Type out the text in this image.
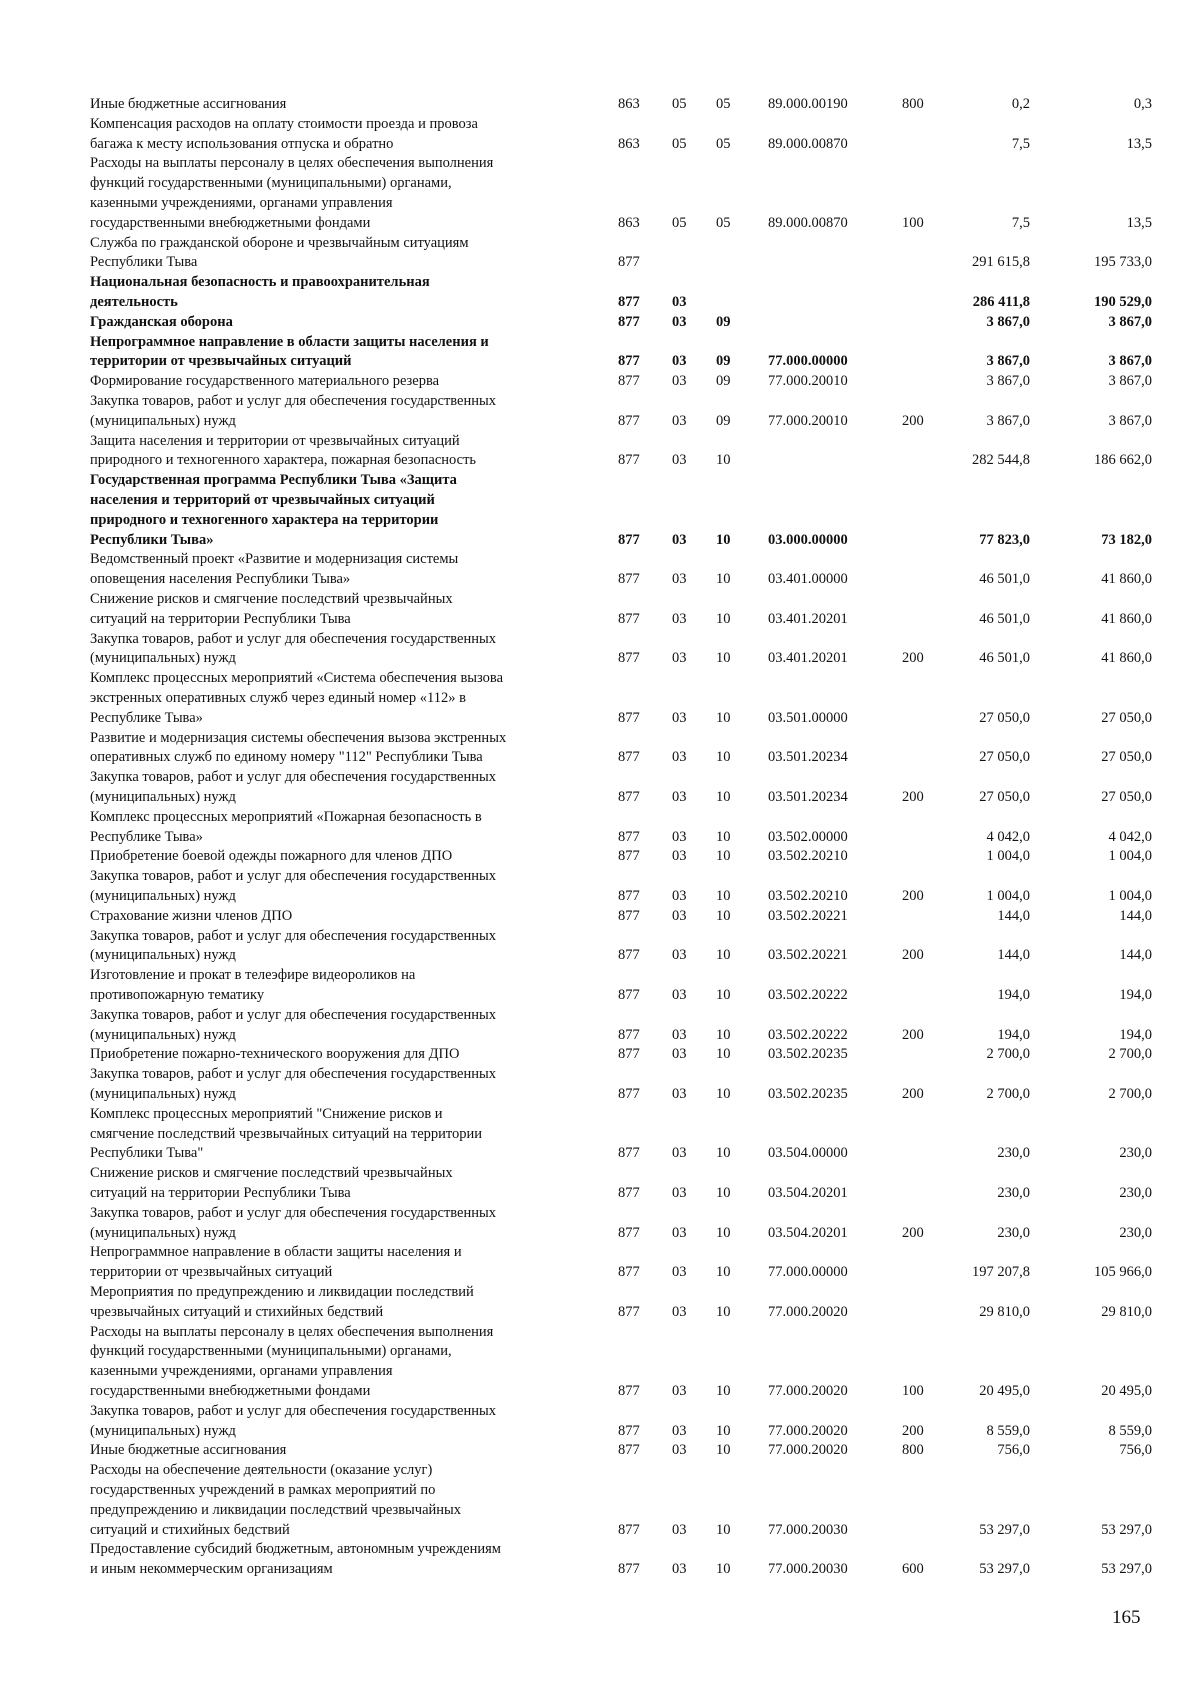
Иные бюджетные ассигнования	863 05 05	89.000.00190	800	0,2	0,3
Компенсация расходов на оплату стоимости проезда и провоза
багажа к месту использования отпуска и обратно	863 05 05	89.000.00870	7,5	13,5
Расходы на выплаты персоналу в целях обеспечения выполнения
функций государственными (муниципальными) органами,
казенными учреждениями, органами управления
государственными внебюджетными фондами	863 05 05	89.000.00870	100	7,5	13,5
Служба по гражданской обороне и чрезвычайным ситуациям
Республики Тыва	877	291 615,8	195 733,0
Национальная безопасность и правоохранительная
деятельность	877 03	286 411,8	190 529,0
Гражданская оборона	877 03 09	3 867,0	3 867,0
Непрограммное направление в области защиты населения и
территории от чрезвычайных ситуаций	877 03 09	77.000.00000	3 867,0	3 867,0
Формирование государственного материального резерва	877 03 09	77.000.20010	3 867,0	3 867,0
Закупка товаров, работ и услуг для обеспечения государственных
(муниципальных) нужд	877 03 09	77.000.20010	200	3 867,0	3 867,0
Защита населения и территории от чрезвычайных ситуаций
природного и техногенного характера, пожарная безопасность	877 03 10	282 544,8	186 662,0
Государственная программа Республики Тыва «Защита
населения и территорий от чрезвычайных ситуаций
природного и техногенного характера на территории
Республики Тыва»	877 03 10	03.000.00000	77 823,0	73 182,0
Ведомственный проект «Развитие и модернизация системы
оповещения населения Республики Тыва»	877 03 10	03.401.00000	46 501,0	41 860,0
Снижение рисков и смягчение последствий чрезвычайных
ситуаций на территории Республики Тыва	877 03 10	03.401.20201	46 501,0	41 860,0
Закупка товаров, работ и услуг для обеспечения государственных
(муниципальных) нужд	877 03 10	03.401.20201	200	46 501,0	41 860,0
Комплекс процессных мероприятий «Система обеспечения вызова
экстренных оперативных служб через единый номер «112» в
Республике Тыва»	877 03 10	03.501.00000	27 050,0	27 050,0
Развитие и модернизация системы обеспечения вызова экстренных
оперативных служб по единому номеру "112" Республики Тыва	877 03 10	03.501.20234	27 050,0	27 050,0
Закупка товаров, работ и услуг для обеспечения государственных
(муниципальных) нужд	877 03 10	03.501.20234	200	27 050,0	27 050,0
Комплекс процессных мероприятий «Пожарная безопасность в
Республике Тыва»	877 03 10	03.502.00000	4 042,0	4 042,0
Приобретение боевой одежды пожарного для членов ДПО	877 03 10	03.502.20210	1 004,0	1 004,0
Закупка товаров, работ и услуг для обеспечения государственных
(муниципальных) нужд	877 03 10	03.502.20210	200	1 004,0	1 004,0
Страхование жизни членов ДПО	877 03 10	03.502.20221	144,0	144,0
Закупка товаров, работ и услуг для обеспечения государственных
(муниципальных) нужд	877 03 10	03.502.20221	200	144,0	144,0
Изготовление и прокат в телеэфире видеороликов на
противопожарную тематику	877 03 10	03.502.20222	194,0	194,0
Закупка товаров, работ и услуг для обеспечения государственных
(муниципальных) нужд	877 03 10	03.502.20222	200	194,0	194,0
Приобретение пожарно-технического вооружения для ДПО	877 03 10	03.502.20235	2 700,0	2 700,0
Закупка товаров, работ и услуг для обеспечения государственных
(муниципальных) нужд	877 03 10	03.502.20235	200	2 700,0	2 700,0
Комплекс процессных мероприятий "Снижение рисков и
смягчение последствий чрезвычайных ситуаций на территории
Республики Тыва"	877 03 10	03.504.00000	230,0	230,0
Снижение рисков и смягчение последствий чрезвычайных
ситуаций на территории Республики Тыва	877 03 10	03.504.20201	230,0	230,0
Закупка товаров, работ и услуг для обеспечения государственных
(муниципальных) нужд	877 03 10	03.504.20201	200	230,0	230,0
Непрограммное направление в области защиты населения и
территории от чрезвычайных ситуаций	877 03 10	77.000.00000	197 207,8	105 966,0
Мероприятия по предупреждению и ликвидации последствий
чрезвычайных ситуаций и стихийных бедствий	877 03 10	77.000.20020	29 810,0	29 810,0
Расходы на выплаты персоналу в целях обеспечения выполнения
функций государственными (муниципальными) органами,
казенными учреждениями, органами управления
государственными внебюджетными фондами	877 03 10	77.000.20020	100	20 495,0	20 495,0
Закупка товаров, работ и услуг для обеспечения государственных
(муниципальных) нужд	877 03 10	77.000.20020	200	8 559,0	8 559,0
Иные бюджетные ассигнования	877 03 10	77.000.20020	800	756,0	756,0
Расходы на обеспечение деятельности (оказание услуг)
государственных учреждений в рамках мероприятий по
предупреждению и ликвидации последствий чрезвычайных
ситуаций и стихийных бедствий	877 03 10	77.000.20030	53 297,0	53 297,0
Предоставление субсидий бюджетным, автономным учреждениям
и иным некоммерческим организациям	877 03 10	77.000.20030	600	53 297,0	53 297,0
165
